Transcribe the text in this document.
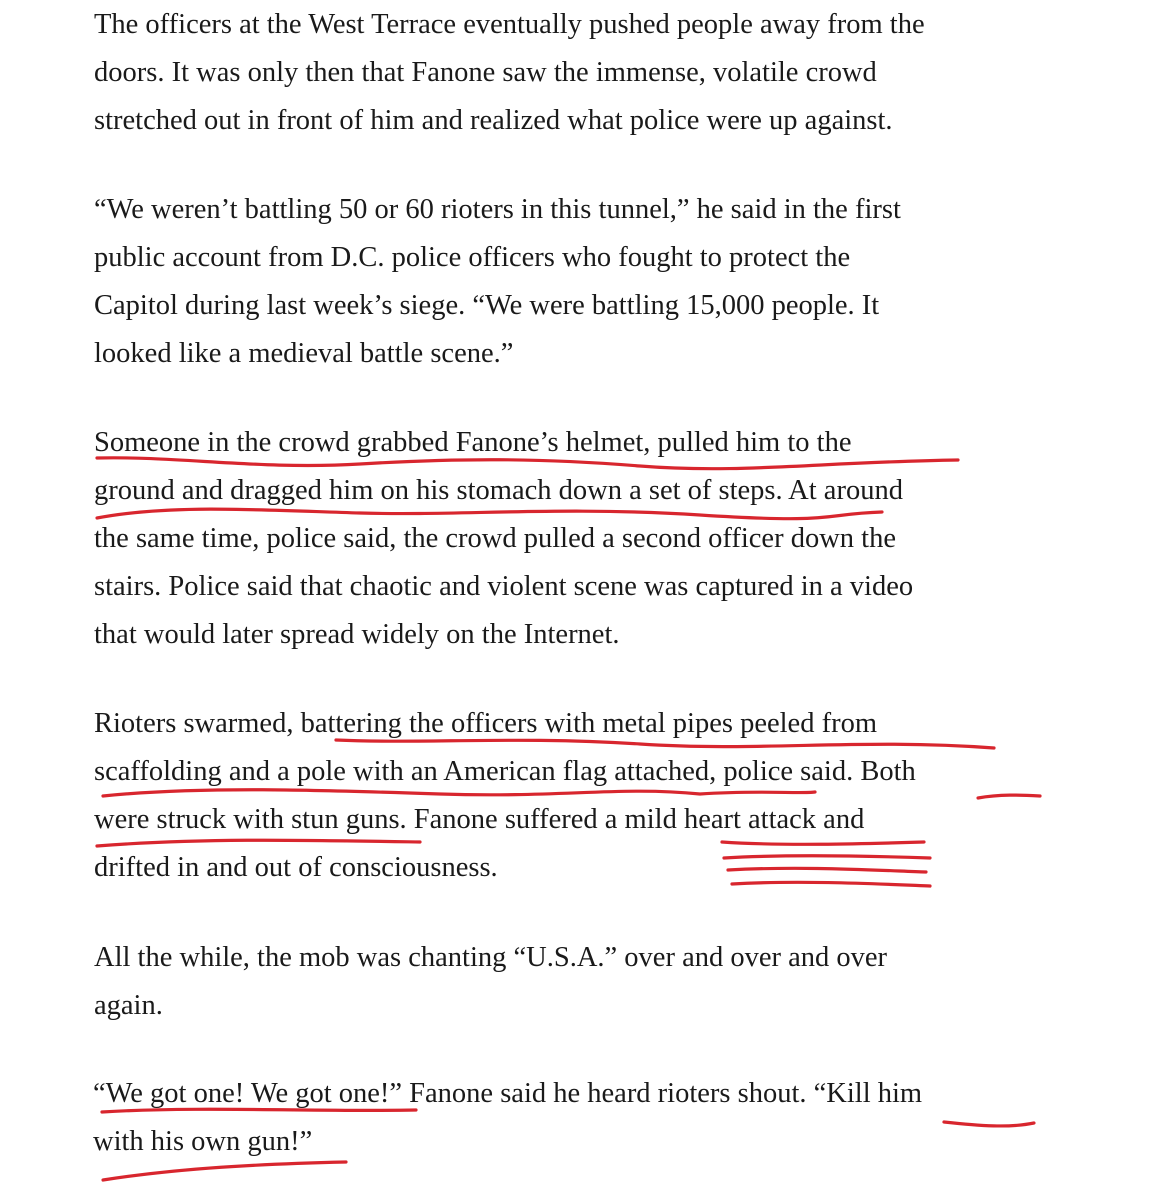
The officers at the West Terrace eventually pushed people away from the
doors. It was only then that Fanone saw the immense, volatile crowd
stretched out in front of him and realized what police were up against.
“We weren’t battling 50 or 60 rioters in this tunnel,” he said in the first
public account from D.C. police officers who fought to protect the
Capitol during last week’s siege. “We were battling 15,000 people. It
looked like a medieval battle scene.”
Someone in the crowd grabbed Fanone’s helmet, pulled him to the
ground and dragged him on his stomach down a set of steps. At around
the same time, police said, the crowd pulled a second officer down the
stairs. Police said that chaotic and violent scene was captured in a video
that would later spread widely on the Internet.
Rioters swarmed, battering the officers with metal pipes peeled from
scaffolding and a pole with an American flag attached, police said. Both
were struck with stun guns. Fanone suffered a mild heart attack and
drifted in and out of consciousness.
All the while, the mob was chanting “U.S.A.” over and over and over
again.
“We got one! We got one!” Fanone said he heard rioters shout. “Kill him
with his own gun!”
